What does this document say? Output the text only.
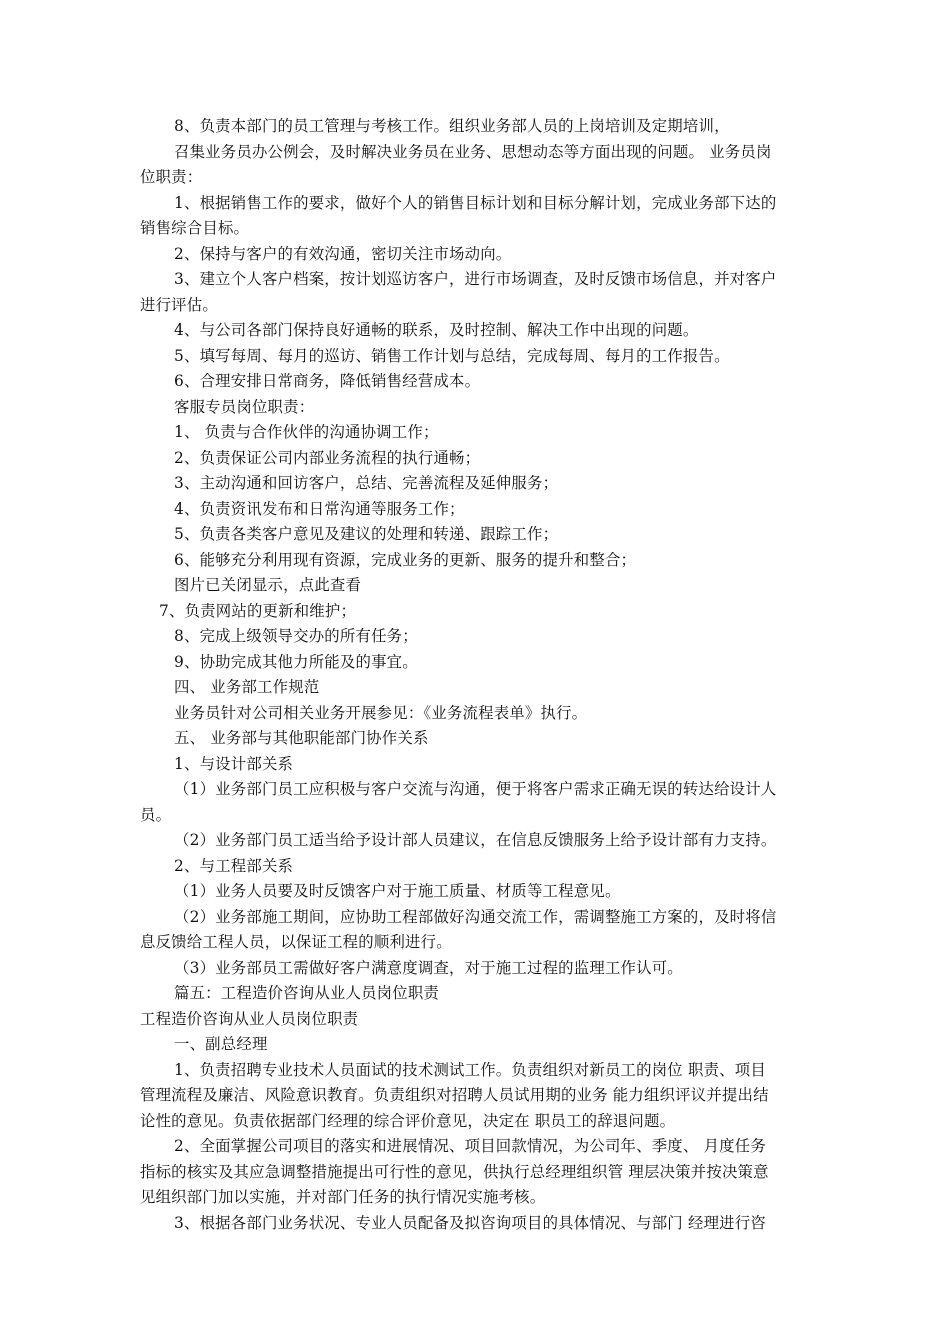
8、负责本部门的员工管理与考核工作。组织业务部人员的上岗培训及定期培训，
召集业务员办公例会，及时解决业务员在业务、思想动态等方面出现的问题。 业务员岗
位职责：
1、根据销售工作的要求，做好个人的销售目标计划和目标分解计划，完成业务部下达的
销售综合目标。
2、保持与客户的有效沟通，密切关注市场动向。
3、建立个人客户档案，按计划巡访客户，进行市场调查，及时反馈市场信息，并对客户
进行评估。
4、与公司各部门保持良好通畅的联系，及时控制、解决工作中出现的问题。
5、填写每周、每月的巡访、销售工作计划与总结，完成每周、每月的工作报告。
6、合理安排日常商务，降低销售经营成本。
客服专员岗位职责：
1、 负责与合作伙伴的沟通协调工作；
2、负责保证公司内部业务流程的执行通畅；
3、主动沟通和回访客户，总结、完善流程及延伸服务；
4、负责资讯发布和日常沟通等服务工作；
5、负责各类客户意见及建议的处理和转递、跟踪工作；
6、能够充分利用现有资源，完成业务的更新、服务的提升和整合；
图片已关闭显示，点此查看
7、负责网站的更新和维护；
8、完成上级领导交办的所有任务；
9、协助完成其他力所能及的事宜。
四、 业务部工作规范
业务员针对公司相关业务开展参见：《业务流程表单》执行。
五、 业务部与其他职能部门协作关系
1、与设计部关系
（1）业务部门员工应积极与客户交流与沟通，便于将客户需求正确无误的转达给设计人
员。
（2）业务部门员工适当给予设计部人员建议，在信息反馈服务上给予设计部有力支持。
2、与工程部关系
（1）业务人员要及时反馈客户对于施工质量、材质等工程意见。
（2）业务部施工期间，应协助工程部做好沟通交流工作，需调整施工方案的，及时将信
息反馈给工程人员，以保证工程的顺利进行。
（3）业务部员工需做好客户满意度调查，对于施工过程的监理工作认可。
篇五：工程造价咨询从业人员岗位职责
工程造价咨询从业人员岗位职责
一、副总经理
1、负责招聘专业技术人员面试的技术测试工作。负责组织对新员工的岗位 职责、项目
管理流程及廉洁、风险意识教育。负责组织对招聘人员试用期的业务 能力组织评议并提出结
论性的意见。负责依据部门经理的综合评价意见，决定在 职员工的辞退问题。
2、全面掌握公司项目的落实和进展情况、项目回款情况，为公司年、季度、 月度任务
指标的核实及其应急调整措施提出可行性的意见，供执行总经理组织管 理层决策并按决策意
见组织部门加以实施，并对部门任务的执行情况实施考核。
3、根据各部门业务状况、专业人员配备及拟咨询项目的具体情况、与部门 经理进行咨
